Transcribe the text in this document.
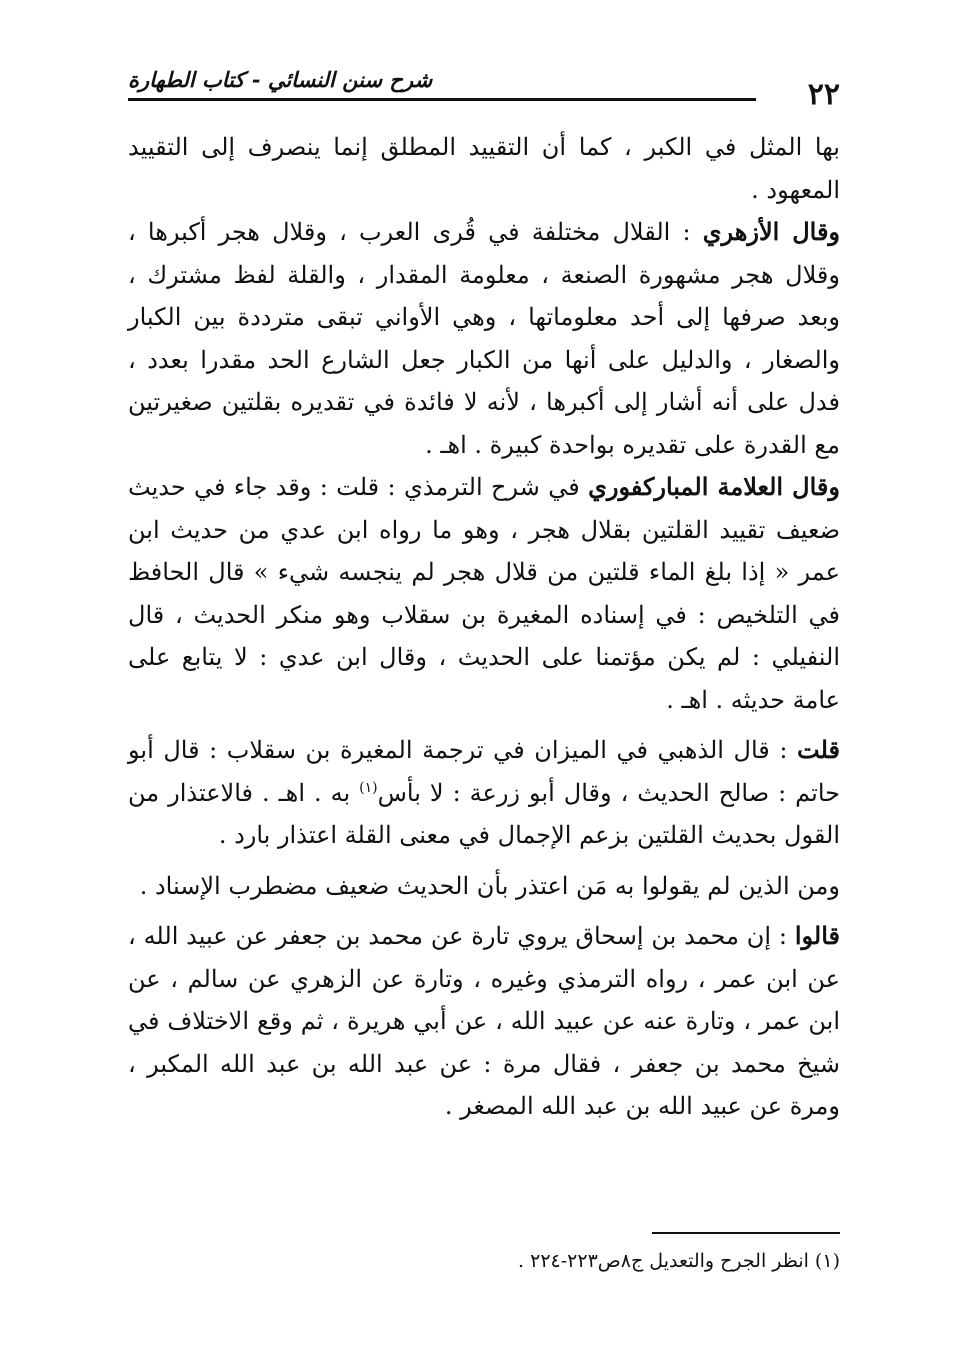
٢٢
شرح سنن النسائي - كتاب الطهارة

بها المثل في الكبر ، كما أن التقييد المطلق إنما ينصرف إلى التقييد المعهود .

وقال الأزهري : القلال مختلفة في قُرى العرب ، وقلال هجر أكبرها ، وقلال هجر مشهورة الصنعة ، معلومة المقدار ، والقلة لفظ مشترك ، وبعد صرفها إلى أحد معلوماتها ، وهي الأواني تبقى مترددة بين الكبار والصغار ، والدليل على أنها من الكبار جعل الشارع الحد مقدرا بعدد ، فدل على أنه أشار إلى أكبرها ، لأنه لا فائدة في تقديره بقلتين صغيرتين مع القدرة على تقديره بواحدة كبيرة . اهـ .

وقال العلامة المباركفوري في شرح الترمذي : قلت : وقد جاء في حديث ضعيف تقييد القلتين بقلال هجر ، وهو ما رواه ابن عدي من حديث ابن عمر « إذا بلغ الماء قلتين من قلال هجر لم ينجسه شيء » قال الحافظ في التلخيص : في إسناده المغيرة بن سقلاب وهو منكر الحديث ، قال النفيلي : لم يكن مؤتمنا على الحديث ، وقال ابن عدي : لا يتابع على عامة حديثه . اهـ .

قلت : قال الذهبي في الميزان في ترجمة المغيرة بن سقلاب : قال أبو حاتم : صالح الحديث ، وقال أبو زرعة : لا بأس$^{(١)}$ به . اهـ . فالاعتذار من القول بحديث القلتين بزعم الإجمال في معنى القلة اعتذار بارد .

ومن الذين لم يقولوا به مَن اعتذر بأن الحديث ضعيف مضطرب الإسناد .

قالوا : إن محمد بن إسحاق يروي تارة عن محمد بن جعفر عن عبيد الله ، عن ابن عمر ، رواه الترمذي وغيره ، وتارة عن الزهري عن سالم ، عن ابن عمر ، وتارة عنه عن عبيد الله ، عن أبي هريرة ، ثم وقع الاختلاف في شيخ محمد بن جعفر ، فقال مرة : عن عبد الله بن عبد الله المكبر ، ومرة عن عبيد الله بن عبد الله المصغر .

(١) انظر الجرح والتعديل ج٨ص٢٢٣-٢٢٤ .
